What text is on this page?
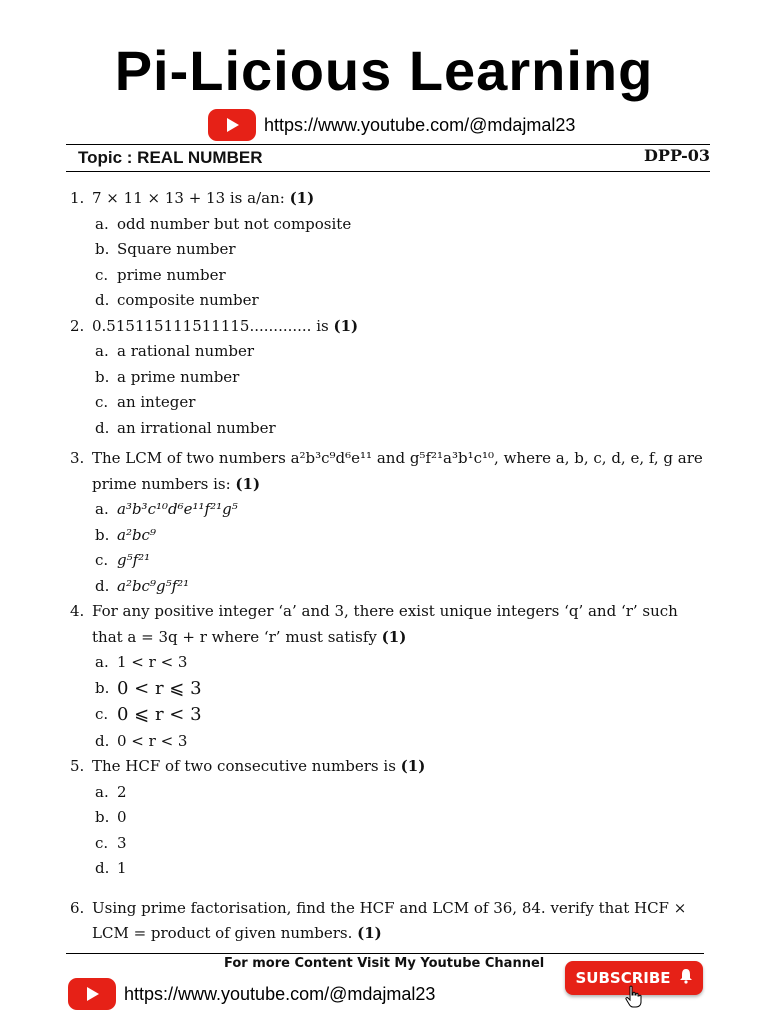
Pi-Licious Learning
https://www.youtube.com/@mdajmal23
Topic : REAL NUMBER	DPP-03
1. 7 × 11 × 13 + 13 is a/an: (1)
a. odd number but not composite
b. Square number
c. prime number
d. composite number
2. 0.515115111511115............. is (1)
a. a rational number
b. a prime number
c. an integer
d. an irrational number
3. The LCM of two numbers a²b³c⁹d⁶e¹¹ and g⁵f²¹a³b¹c¹⁰, where a, b, c, d, e, f, g are prime numbers is: (1)
a. a³b³c¹⁰d⁶e¹¹f²¹g⁵
b. a²bc⁹
c. g⁵f²¹
d. a²bc⁹g⁵f²¹
4. For any positive integer ‘a’ and 3, there exist unique integers ‘q’ and ‘r’ such that a = 3q + r where ‘r’ must satisfy (1)
a. 1 < r < 3
b. 0 < r ⩽ 3
c. 0 ⩽ r < 3
d. 0 < r < 3
5. The HCF of two consecutive numbers is (1)
a. 2
b. 0
c. 3
d. 1
6. Using prime factorisation, find the HCF and LCM of 36, 84. verify that HCF × LCM = product of given numbers. (1)
For more Content Visit My Youtube Channel
https://www.youtube.com/@mdajmal23
SUBSCRIBE
